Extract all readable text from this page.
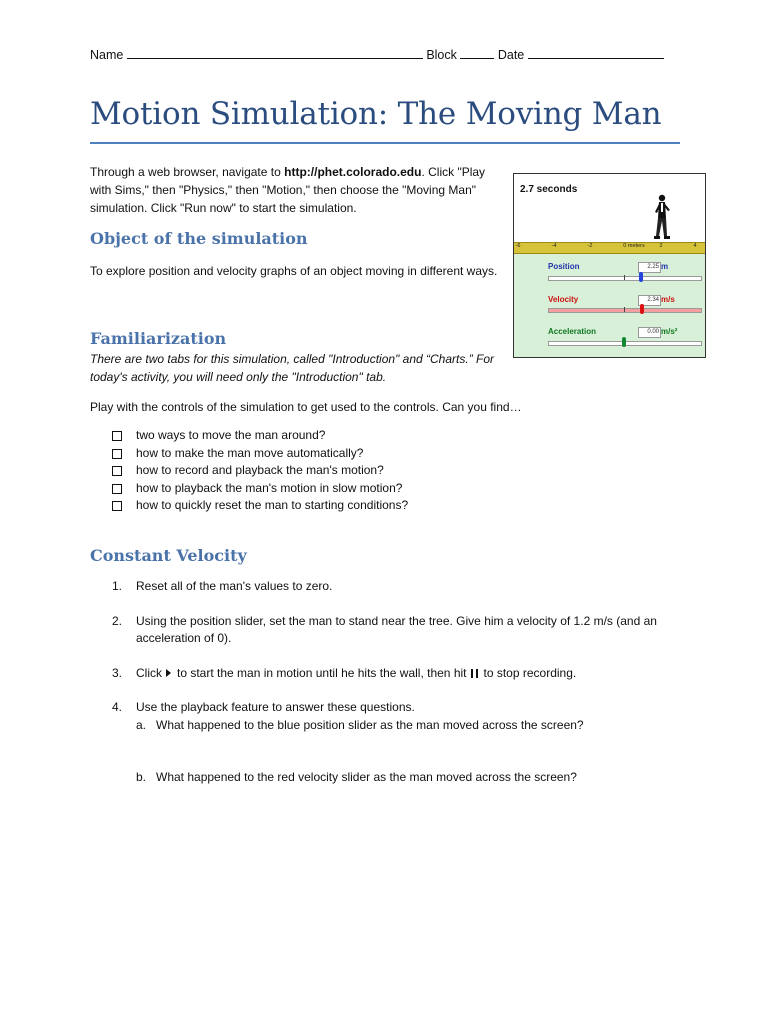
Name	Block	Date
Motion Simulation: The Moving Man
Through a web browser, navigate to http://phet.colorado.edu. Click "Play with Sims," then "Physics," then "Motion," then choose the "Moving Man" simulation. Click "Run now" to start the simulation.
Object of the simulation
To explore position and velocity graphs of an object moving in different ways.
Familiarization
There are two tabs for this simulation, called "Introduction" and “Charts.” For today's activity, you will need only the "Introduction" tab.
Play with the controls of the simulation to get used to the controls. Can you find…
two ways to move the man around?
how to make the man move automatically?
how to record and playback the man's motion?
how to playback the man's motion in slow motion?
how to quickly reset the man to starting conditions?
Constant Velocity
1. Reset all of the man's values to zero.
2. Using the position slider, set the man to stand near the tree. Give him a velocity of 1.2 m/s (and an acceleration of 0).
3. Click to start the man in motion until he hits the wall, then hit to stop recording.
4. Use the playback feature to answer these questions.
a. What happened to the blue position slider as the man moved across the screen?
b. What happened to the red velocity slider as the man moved across the screen?
2.7 seconds
-6	-4	-2	0 meters	2	4
Position	2.25 m
Velocity	2.34 m/s
Acceleration	0.00 m/s²
